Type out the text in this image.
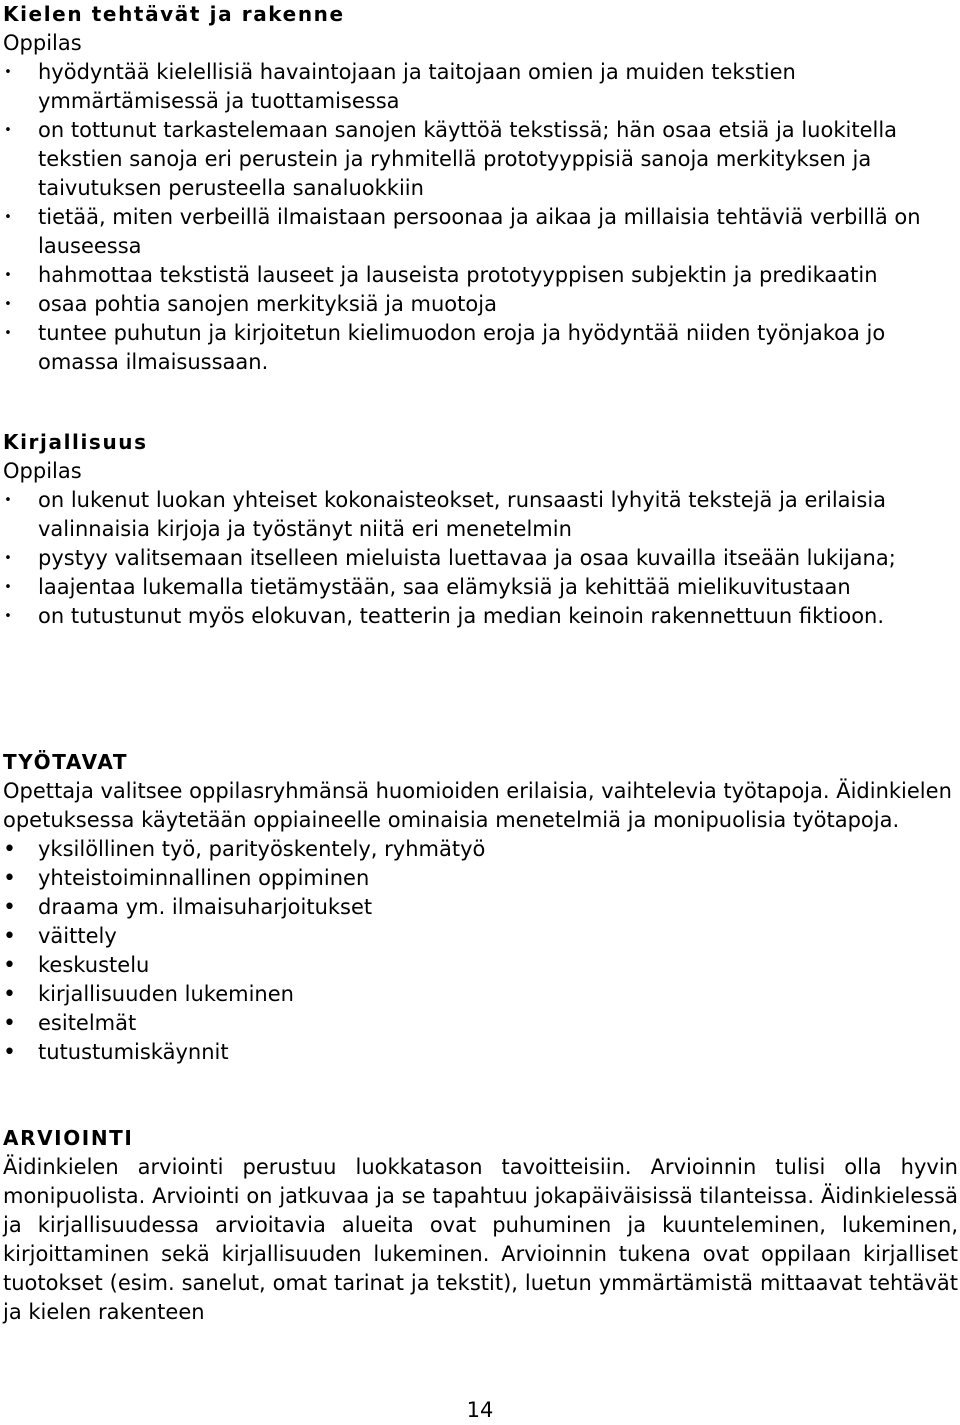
Kielen tehtävät ja rakenne
Oppilas
• hyödyntää kielellisiä havaintojaan ja taitojaan omien ja muiden tekstien ymmärtämisessä ja tuottamisessa
• on tottunut tarkastelemaan sanojen käyttöä tekstissä; hän osaa etsiä ja luokitella tekstien sanoja eri perustein ja ryhmitellä prototyyppisiä sanoja merkityksen ja taivutuksen perusteella sanaluokkiin
• tietää, miten verbeillä ilmaistaan persoonaa ja aikaa ja millaisia tehtäviä verbillä on lauseessa
• hahmottaa tekstistä lauseet ja lauseista prototyyppisen subjektin ja predikaatin
• osaa pohtia sanojen merkityksiä ja muotoja
• tuntee puhutun ja kirjoitetun kielimuodon eroja ja hyödyntää niiden työnjakoa jo omassa ilmaisussaan.
Kirjallisuus
Oppilas
• on lukenut luokan yhteiset kokonaisteokset, runsaasti lyhyitä tekstejä ja erilaisia valinnaisia kirjoja ja työstänyt niitä eri menetelmin
• pystyy valitsemaan itselleen mieluista luettavaa ja osaa kuvailla itseään lukijana;
• laajentaa lukemalla tietämystään, saa elämyksiä ja kehittää mielikuvitustaan
• on tutustunut myös elokuvan, teatterin ja median keinoin rakennettuun fiktioon.
TYÖTAVAT

Opettaja valitsee oppilasryhmänsä huomioiden erilaisia, vaihtelevia työtapoja. Äidinkielen opetuksessa käytetään oppiaineelle ominaisia menetelmiä ja monipuolisia työtapoja.

• yksilöllinen työ, parityöskentely, ryhmätyö
• yhteistoiminnallinen oppiminen
• draama ym. ilmaisuharjoitukset
• väittely
• keskustelu
• kirjallisuuden lukeminen
• esitelmät
• tutustumiskäynnit
ARVIOINTI

Äidinkielen arviointi perustuu luokkatason tavoitteisiin. Arvioinnin tulisi olla hyvin monipuolista. Arviointi on jatkuvaa ja se tapahtuu jokapäiväisissä tilanteissa. Äidinkielessä ja kirjallisuudessa arvioitavia alueita ovat puhuminen ja kuunteleminen, lukeminen, kirjoittaminen sekä kirjallisuuden lukeminen. Arvioinnin tukena ovat oppilaan kirjalliset tuotokset (esim. sanelut, omat tarinat ja tekstit), luetun ymmärtämistä mittaavat tehtävät ja kielen rakenteen

14
